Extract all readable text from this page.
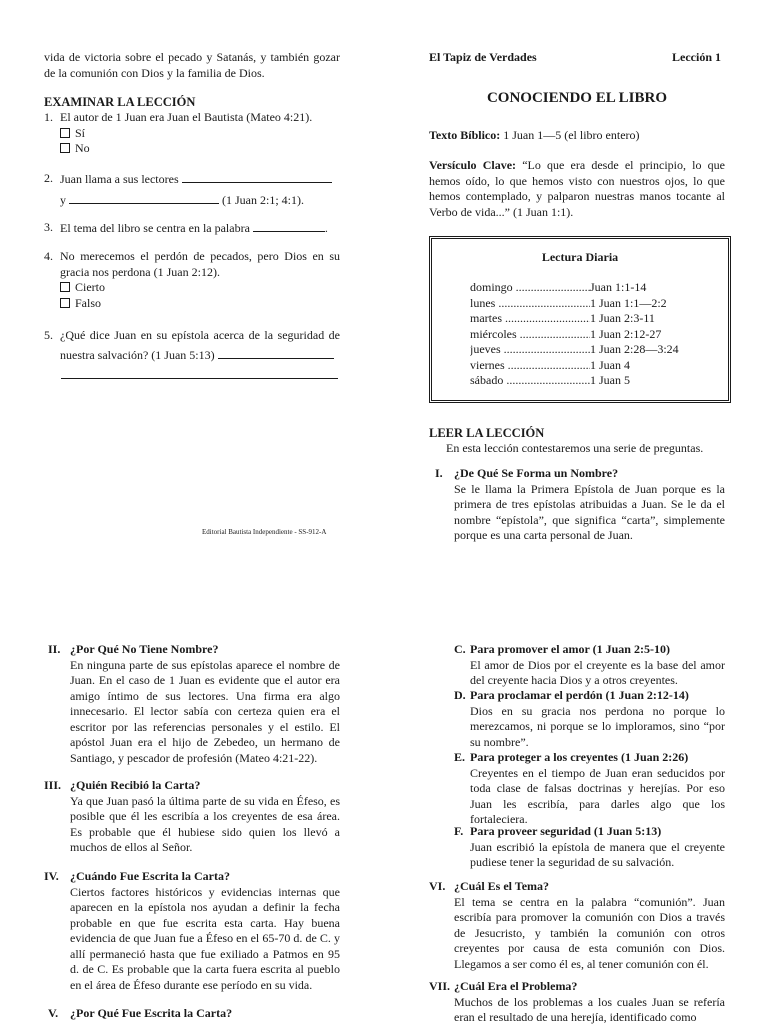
vida de victoria sobre el pecado y Satanás, y también gozar de la comunión con Dios y la familia de Dios.

EXAMINAR LA LECCIÓN
1. El autor de 1 Juan era Juan el Bautista (Mateo 4:21).

Sí

No

2. Juan llama a sus lectores

y	(1 Juan 2:1; 4:1).

3. El tema del libro se centra en la palabra	.

4. No merecemos el perdón de pecados, pero Dios en su gracia nos perdona (1 Juan 2:12).

Cierto

Falso

5. ¿Qué dice Juan en su epístola acerca de la seguridad de nuestra salvación? (1 Juan 5:13)

Editorial Bautista Independiente - SS-912-A
El Tapiz de Verdades	Lección 1
CONOCIENDO EL LIBRO
Texto Bíblico: 1 Juan 1—5 (el libro entero)
Versículo Clave: “Lo que era desde el principio, lo que hemos oído, lo que hemos visto con nuestros ojos, lo que hemos contemplado, y palparon nuestras manos tocante al Verbo de vida...” (1 Juan 1:1).
Lectura Diaria
domingo .....	Juan 1:1-14
lunes .....	1 Juan 1:1—2:2
martes .....	1 Juan 2:3-11
miércoles .....	1 Juan 2:12-27
jueves .....	1 Juan 2:28—3:24
viernes .....	1 Juan 4
sábado .....	1 Juan 5
LEER LA LECCIÓN
En esta lección contestaremos una serie de preguntas.
I. ¿De Qué Se Forma un Nombre?

Se le llama la Primera Epístola de Juan porque es la primera de tres epístolas atribuidas a Juan. Se le da el nombre “epístola”, que significa “carta”, simplemente porque es una carta personal de Juan.

II. ¿Por Qué No Tiene Nombre?

En ninguna parte de sus epístolas aparece el nombre de Juan. En el caso de 1 Juan es evidente que el autor era amigo íntimo de sus lectores. Una firma era algo innecesario. El lector sabía con certeza quien era el escritor por las referencias personales y el estilo. El apóstol Juan era el hijo de Zebedeo, un hermano de Santiago, y pescador de profesión (Mateo 4:21-22).

III. ¿Quién Recibió la Carta?

Ya que Juan pasó la última parte de su vida en Éfeso, es posible que él les escribía a los creyentes de esa área. Es probable que él hubiese sido quien los llevó a muchos de ellos al Señor.

IV. ¿Cuándo Fue Escrita la Carta?

Ciertos factores históricos y evidencias internas que aparecen en la epístola nos ayudan a definir la fecha probable en que fue escrita esta carta. Hay buena evidencia de que Juan fue a Éfeso en el 65-70 d. de C. y allí permaneció hasta que fue exiliado a Patmos en 95 d. de C. Es probable que la carta fuera escrita al pueblo en el área de Éfeso durante ese período en su vida.

V. ¿Por Qué Fue Escrita la Carta?

C. Para promover el amor (1 Juan 2:5-10)

El amor de Dios por el creyente es la base del amor del creyente hacia Dios y a otros creyentes.

D. Para proclamar el perdón (1 Juan 2:12-14)

Dios en su gracia nos perdona no porque lo merezcamos, ni porque se lo imploramos, sino “por su nombre”.

E. Para proteger a los creyentes (1 Juan 2:26)

Creyentes en el tiempo de Juan eran seducidos por toda clase de falsas doctrinas y herejías. Por eso Juan les escribía, para darles algo que los fortaleciera.

F. Para proveer seguridad (1 Juan 5:13)

Juan escribió la epístola de manera que el creyente pudiese tener la seguridad de su salvación.

VI. ¿Cuál Es el Tema?

El tema se centra en la palabra “comunión”. Juan escribía para promover la comunión con Dios a través de Jesucristo, y también la comunión con otros creyentes por causa de esta comunión con Dios. Llegamos a ser como él es, al tener comunión con él.

VII. ¿Cuál Era el Problema?

Muchos de los problemas a los cuales Juan se refería eran el resultado de una herejía, identificado como
